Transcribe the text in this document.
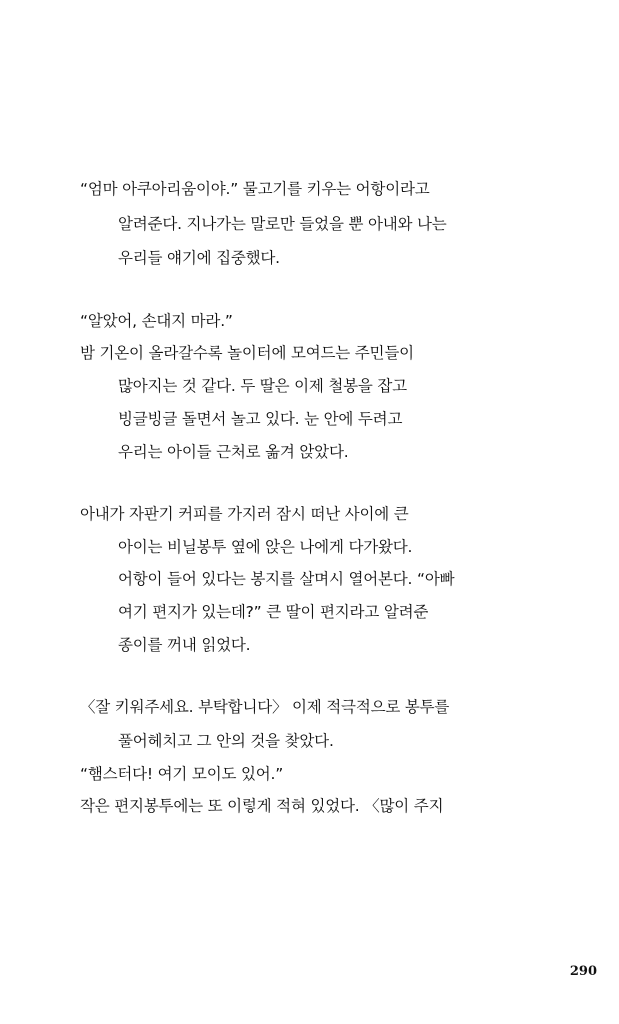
“엄마 아쿠아리움이야.” 물고기를 키우는 어항이라고
알려준다. 지나가는 말로만 들었을 뿐 아내와 나는
우리들 얘기에 집중했다.
“알았어, 손대지 마라.”
밤 기온이 올라갈수록 놀이터에 모여드는 주민들이
많아지는 것 같다. 두 딸은 이제 철봉을 잡고
빙글빙글 돌면서 놀고 있다. 눈 안에 두려고
우리는 아이들 근처로 옮겨 앉았다.
아내가 자판기 커피를 가지러 잠시 떠난 사이에 큰
아이는 비닐봉투 옆에 앉은 나에게 다가왔다.
어항이 들어 있다는 봉지를 살며시 열어본다. “아빠
여기 편지가 있는데?” 큰 딸이 편지라고 알려준
종이를 꺼내 읽었다.
〈잘 키워주세요. 부탁합니다〉 이제 적극적으로 봉투를
풀어헤치고 그 안의 것을 찾았다.
“햄스터다! 여기 모이도 있어.”
작은 편지봉투에는 또 이렇게 적혀 있었다. 〈많이 주지
290
